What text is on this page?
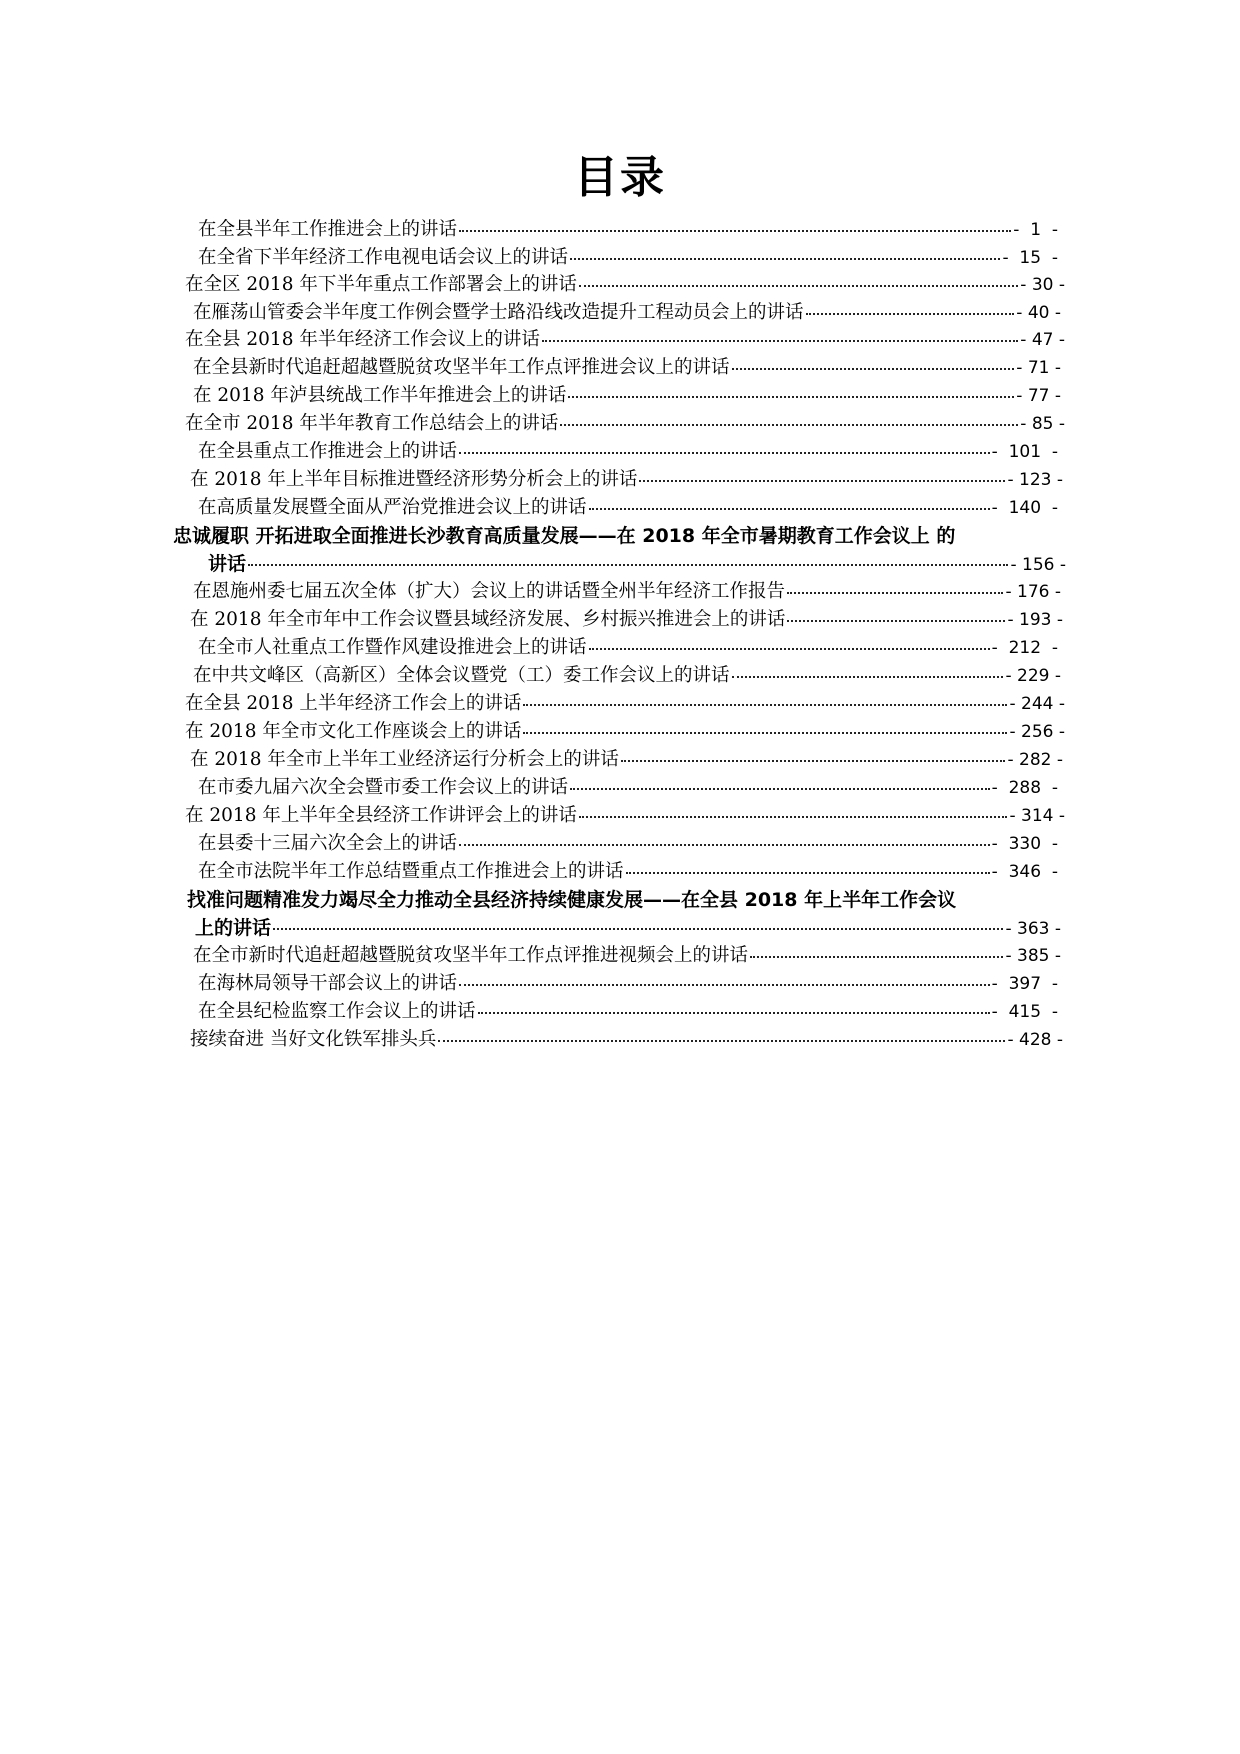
目录
在全县半年工作推进会上的讲话	-  1  -
在全省下半年经济工作电视电话会议上的讲话	-  15  -
在全区 2018 年下半年重点工作部署会上的讲话	- 30 -
在雁荡山管委会半年度工作例会暨学士路沿线改造提升工程动员会上的讲话	- 40 -
在全县 2018 年半年经济工作会议上的讲话	- 47 -
在全县新时代追赶超越暨脱贫攻坚半年工作点评推进会议上的讲话	- 71 -
在 2018 年泸县统战工作半年推进会上的讲话	- 77 -
在全市 2018 年半年教育工作总结会上的讲话	- 85 -
在全县重点工作推进会上的讲话	-  101  -
在 2018 年上半年目标推进暨经济形势分析会上的讲话	- 123 -
在高质量发展暨全面从严治党推进会议上的讲话	-  140  -
忠诚履职 开拓进取全面推进长沙教育高质量发展——在 2018 年全市暑期教育工作会议上 的
讲话	- 156 -
在恩施州委七届五次全体（扩大）会议上的讲话暨全州半年经济工作报告	- 176 -
在 2018 年全市年中工作会议暨县域经济发展、乡村振兴推进会上的讲话	- 193 -
在全市人社重点工作暨作风建设推进会上的讲话	-  212  -
在中共文峰区（高新区）全体会议暨党（工）委工作会议上的讲话	- 229 -
在全县 2018 上半年经济工作会上的讲话	- 244 -
在 2018 年全市文化工作座谈会上的讲话	- 256 -
在 2018 年全市上半年工业经济运行分析会上的讲话	- 282 -
在市委九届六次全会暨市委工作会议上的讲话	-  288  -
在 2018 年上半年全县经济工作讲评会上的讲话	- 314 -
在县委十三届六次全会上的讲话	-  330  -
在全市法院半年工作总结暨重点工作推进会上的讲话	-  346  -
找准问题精准发力竭尽全力推动全县经济持续健康发展——在全县 2018 年上半年工作会议
上的讲话	- 363 -
在全市新时代追赶超越暨脱贫攻坚半年工作点评推进视频会上的讲话	- 385 -
在海林局领导干部会议上的讲话	-  397  -
在全县纪检监察工作会议上的讲话	-  415  -
接续奋进 当好文化铁军排头兵	- 428 -
